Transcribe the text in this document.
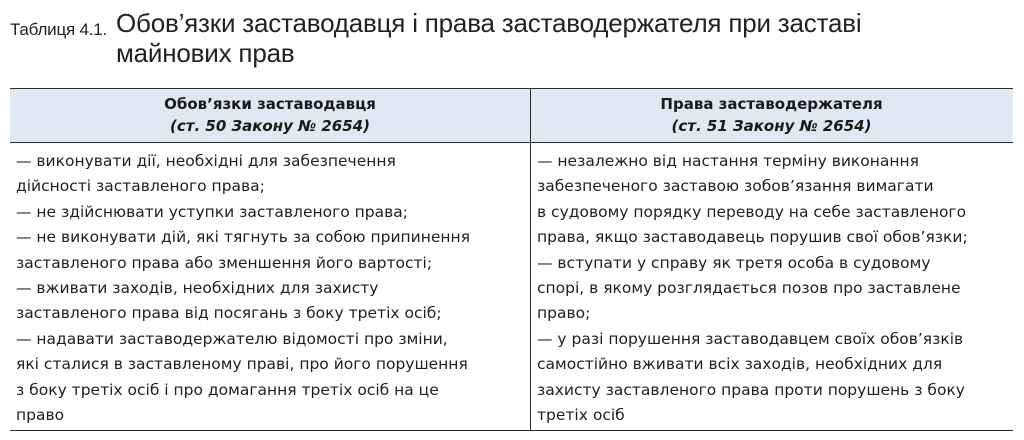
Таблиця 4.1. Обов’язки заставодавця і права заставодержателя при заставі
майнових прав
Обов’язки заставодавця
(ст. 50 Закону № 2654)
Права заставодержателя
(ст. 51 Закону № 2654)
— виконувати дії, необхідні для забезпечення
дійсності заставленого права;
— не здійснювати уступки заставленого права;
— не виконувати дій, які тягнуть за собою припинення
заставленого права або зменшення його вартості;
— вживати заходів, необхідних для захисту
заставленого права від посягань з боку третіх осіб;
— надавати заставодержателю відомості про зміни,
які сталися в заставленому праві, про його порушення
з боку третіх осіб і про домагання третіх осіб на це
право
— незалежно від настання терміну виконання
забезпеченого заставою зобов’язання вимагати
в судовому порядку переводу на себе заставленого
права, якщо заставодавець порушив свої обов’язки;
— вступати у справу як третя особа в судовому
спорі, в якому розглядається позов про заставлене
право;
— у разі порушення заставодавцем своїх обов’язків
самостійно вживати всіх заходів, необхідних для
захисту заставленого права проти порушень з боку
третіх осіб
